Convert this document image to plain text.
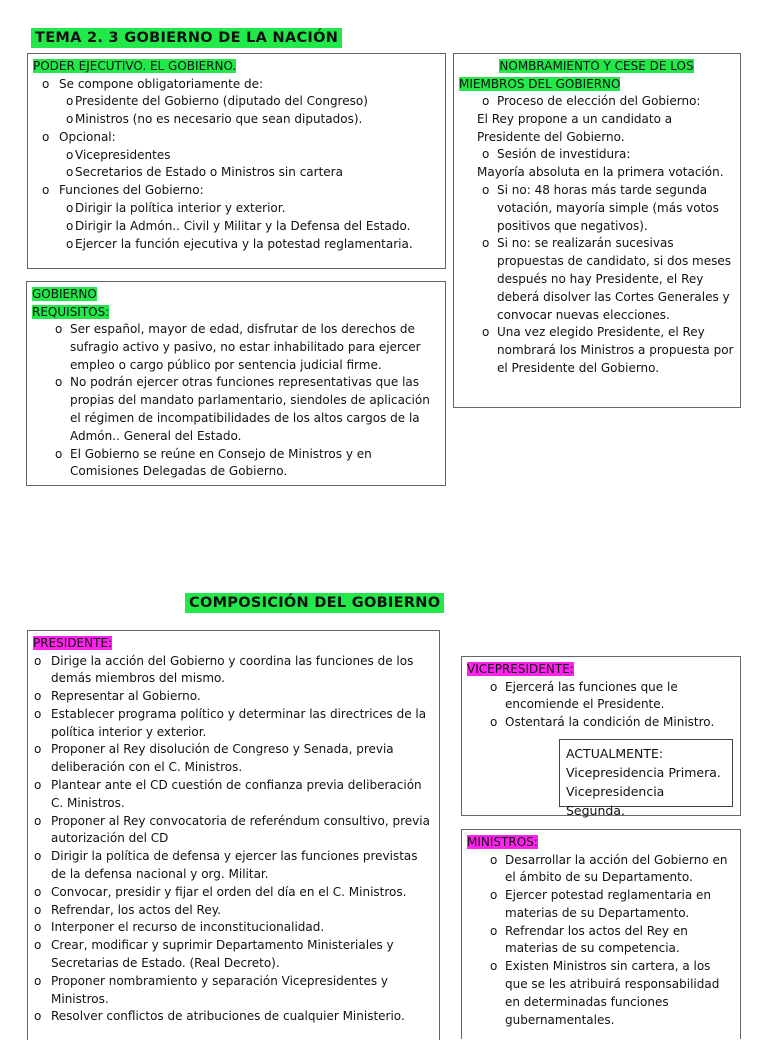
TEMA 2. 3 GOBIERNO DE LA NACIÓN
PODER EJECUTIVO. EL GOBIERNO.
o Se compone obligatoriamente de:
o Presidente del Gobierno (diputado del Congreso)
o Ministros (no es necesario que sean diputados).
o Opcional:
o Vicepresidentes
o Secretarios de Estado o Ministros sin cartera
o Funciones del Gobierno:
o Dirigir la política interior y exterior.
o Dirigir la Admón.. Civil y Militar y la Defensa del Estado.
o Ejercer la función ejecutiva y la potestad reglamentaria.
NOMBRAMIENTO Y CESE DE LOS
MIEMBROS DEL GOBIERNO
o Proceso de elección del Gobierno:
El Rey propone a un candidato a Presidente del Gobierno.
o Sesión de investidura:
Mayoría absoluta en la primera votación.
o Si no: 48 horas más tarde segunda votación, mayoría simple (más votos positivos que negativos).
o Si no: se realizarán sucesivas propuestas de candidato, si dos meses después no hay Presidente, el Rey deberá disolver las Cortes Generales y convocar nuevas elecciones.
o Una vez elegido Presidente, el Rey nombrará los Ministros a propuesta por el Presidente del Gobierno.
GOBIERNO
REQUISITOS:
o Ser español, mayor de edad, disfrutar de los derechos de sufragio activo y pasivo, no estar inhabilitado para ejercer empleo o cargo público por sentencia judicial firme.
o No podrán ejercer otras funciones representativas que las propias del mandato parlamentario, siendoles de aplicación el régimen de incompatibilidades de los altos cargos de la Admón.. General del Estado.
o El Gobierno se reúne en Consejo de Ministros y en Comisiones Delegadas de Gobierno.
COMPOSICIÓN DEL GOBIERNO
PRESIDENTE:
o Dirige la acción del Gobierno y coordina las funciones de los demás miembros del mismo.
o Representar al Gobierno.
o Establecer programa político y determinar las directrices de la política interior y exterior.
o Proponer al Rey disolución de Congreso y Senada, previa deliberación con el C. Ministros.
o Plantear ante el CD cuestión de confianza previa deliberación C. Ministros.
o Proponer al Rey convocatoria de referéndum consultivo, previa autorización del CD
o Dirigir la política de defensa y ejercer las funciones previstas de la defensa nacional y org. Militar.
o Convocar, presidir y fijar el orden del día en el C. Ministros.
o Refrendar, los actos del Rey.
o Interponer el recurso de inconstitucionalidad.
o Crear, modificar y suprimir Departamento Ministeriales y Secretarias de Estado. (Real Decreto).
o Proponer nombramiento y separación Vicepresidentes y Ministros.
o Resolver conflictos de atribuciones de cualquier Ministerio.
VICEPRESIDENTE:
o Ejercerá las funciones que le encomiende el Presidente.
o Ostentará la condición de Ministro.
ACTUALMENTE:
Vicepresidencia Primera.
Vicepresidencia Segunda.
MINISTROS:
o Desarrollar la acción del Gobierno en el ámbito de su Departamento.
o Ejercer potestad reglamentaria en materias de su Departamento.
o Refrendar los actos del Rey en materias de su competencia.
o Existen Ministros sin cartera, a los que se les atribuirá responsabilidad en determinadas funciones gubernamentales.
